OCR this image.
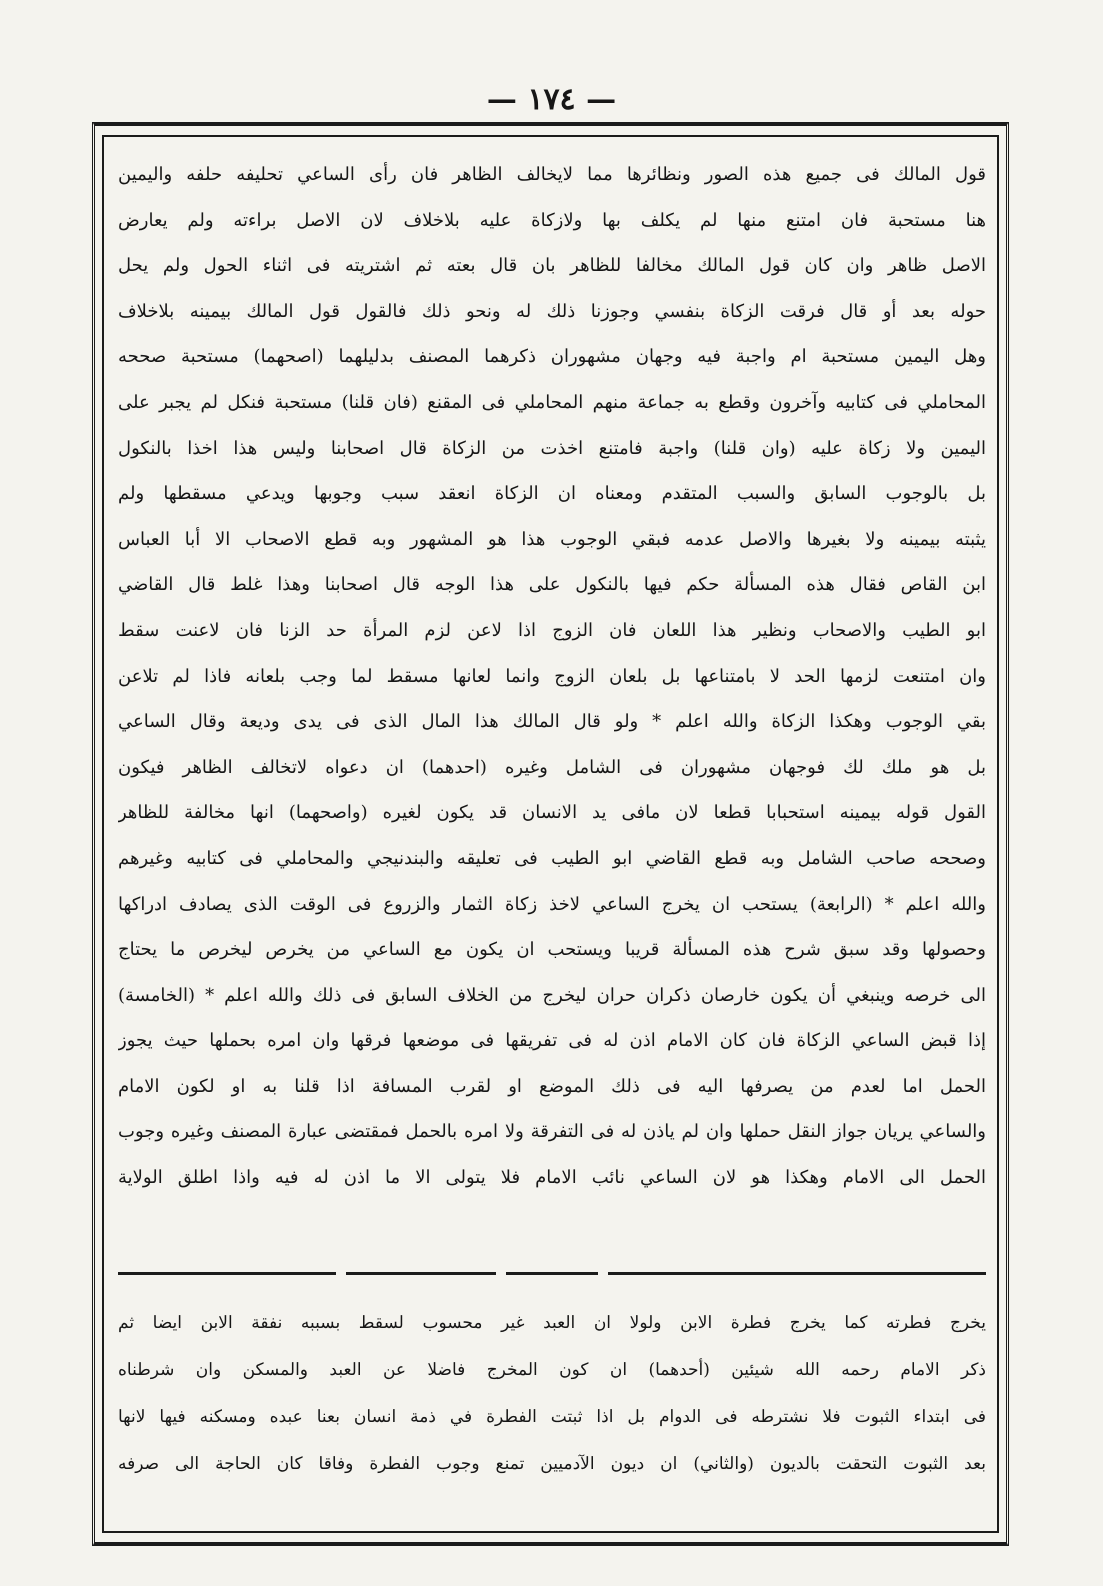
— ١٧٤ —
قول المالك فى جميع هذه الصور ونظائرها مما لايخالف الظاهر فان رأى الساعي تحليفه حلفه واليمين
هنا مستحبة فان امتنع منها لم يكلف بها ولازكاة عليه بلاخلاف لان الاصل براءته ولم يعارض
الاصل ظاهر وان كان قول المالك مخالفا للظاهر بان قال بعته ثم اشتريته فى اثناء الحول ولم يحل
حوله بعد أو قال فرقت الزكاة بنفسي وجوزنا ذلك له ونحو ذلك فالقول قول المالك بيمينه بلاخلاف
وهل اليمين مستحبة ام واجبة فيه وجهان مشهوران ذكرهما المصنف بدليلهما (اصحهما) مستحبة صححه
المحاملي فى كتابيه وآخرون وقطع به جماعة منهم المحاملي فى المقنع (فان قلنا) مستحبة فنكل لم يجبر على
اليمين ولا زكاة عليه (وان قلنا) واجبة فامتنع اخذت من الزكاة قال اصحابنا وليس هذا اخذا بالنكول
بل بالوجوب السابق والسبب المتقدم ومعناه ان الزكاة انعقد سبب وجوبها ويدعي مسقطها ولم
يثبته بيمينه ولا بغيرها والاصل عدمه فبقي الوجوب هذا هو المشهور وبه قطع الاصحاب الا أبا العباس
ابن القاص فقال هذه المسألة حكم فيها بالنكول على هذا الوجه قال اصحابنا وهذا غلط قال القاضي
ابو الطيب والاصحاب ونظير هذا اللعان فان الزوج اذا لاعن لزم المرأة حد الزنا فان لاعنت سقط
وان امتنعت لزمها الحد لا بامتناعها بل بلعان الزوج وانما لعانها مسقط لما وجب بلعانه فاذا لم تلاعن
بقي الوجوب وهكذا الزكاة والله اعلم * ولو قال المالك هذا المال الذى فى يدى وديعة وقال الساعي
بل هو ملك لك فوجهان مشهوران فى الشامل وغيره (احدهما) ان دعواه لاتخالف الظاهر فيكون
القول قوله بيمينه استحبابا قطعا لان مافى يد الانسان قد يكون لغيره (واصحهما) انها مخالفة للظاهر
وصححه صاحب الشامل وبه قطع القاضي ابو الطيب فى تعليقه والبندنيجي والمحاملي فى كتابيه وغيرهم
والله اعلم * (الرابعة) يستحب ان يخرج الساعي لاخذ زكاة الثمار والزروع فى الوقت الذى يصادف ادراكها
وحصولها وقد سبق شرح هذه المسألة قريبا ويستحب ان يكون مع الساعي من يخرص ليخرص ما يحتاج
الى خرصه وينبغي أن يكون خارصان ذكران حران ليخرج من الخلاف السابق فى ذلك والله اعلم * (الخامسة)
إذا قبض الساعي الزكاة فان كان الامام اذن له فى تفريقها فى موضعها فرقها وان امره بحملها حيث يجوز
الحمل اما لعدم من يصرفها اليه فى ذلك الموضع او لقرب المسافة اذا قلنا به او لكون الامام
والساعي يريان جواز النقل حملها وان لم ياذن له فى التفرقة ولا امره بالحمل فمقتضى عبارة المصنف وغيره وجوب
الحمل الى الامام وهكذا هو لان الساعي نائب الامام فلا يتولى الا ما اذن له فيه واذا اطلق الولاية
يخرج فطرته كما يخرج فطرة الابن ولولا ان العبد غير محسوب لسقط بسببه نفقة الابن ايضا ثم
ذكر الامام رحمه الله شيئين (أحدهما) ان كون المخرج فاضلا عن العبد والمسكن وان شرطناه
فى ابتداء الثبوت فلا نشترطه فى الدوام بل اذا ثبتت الفطرة في ذمة انسان بعنا عبده ومسكنه فيها لانها
بعد الثبوت التحقت بالديون (والثاني) ان ديون الآدميين تمنع وجوب الفطرة وفاقا كان الحاجة الى صرفه
